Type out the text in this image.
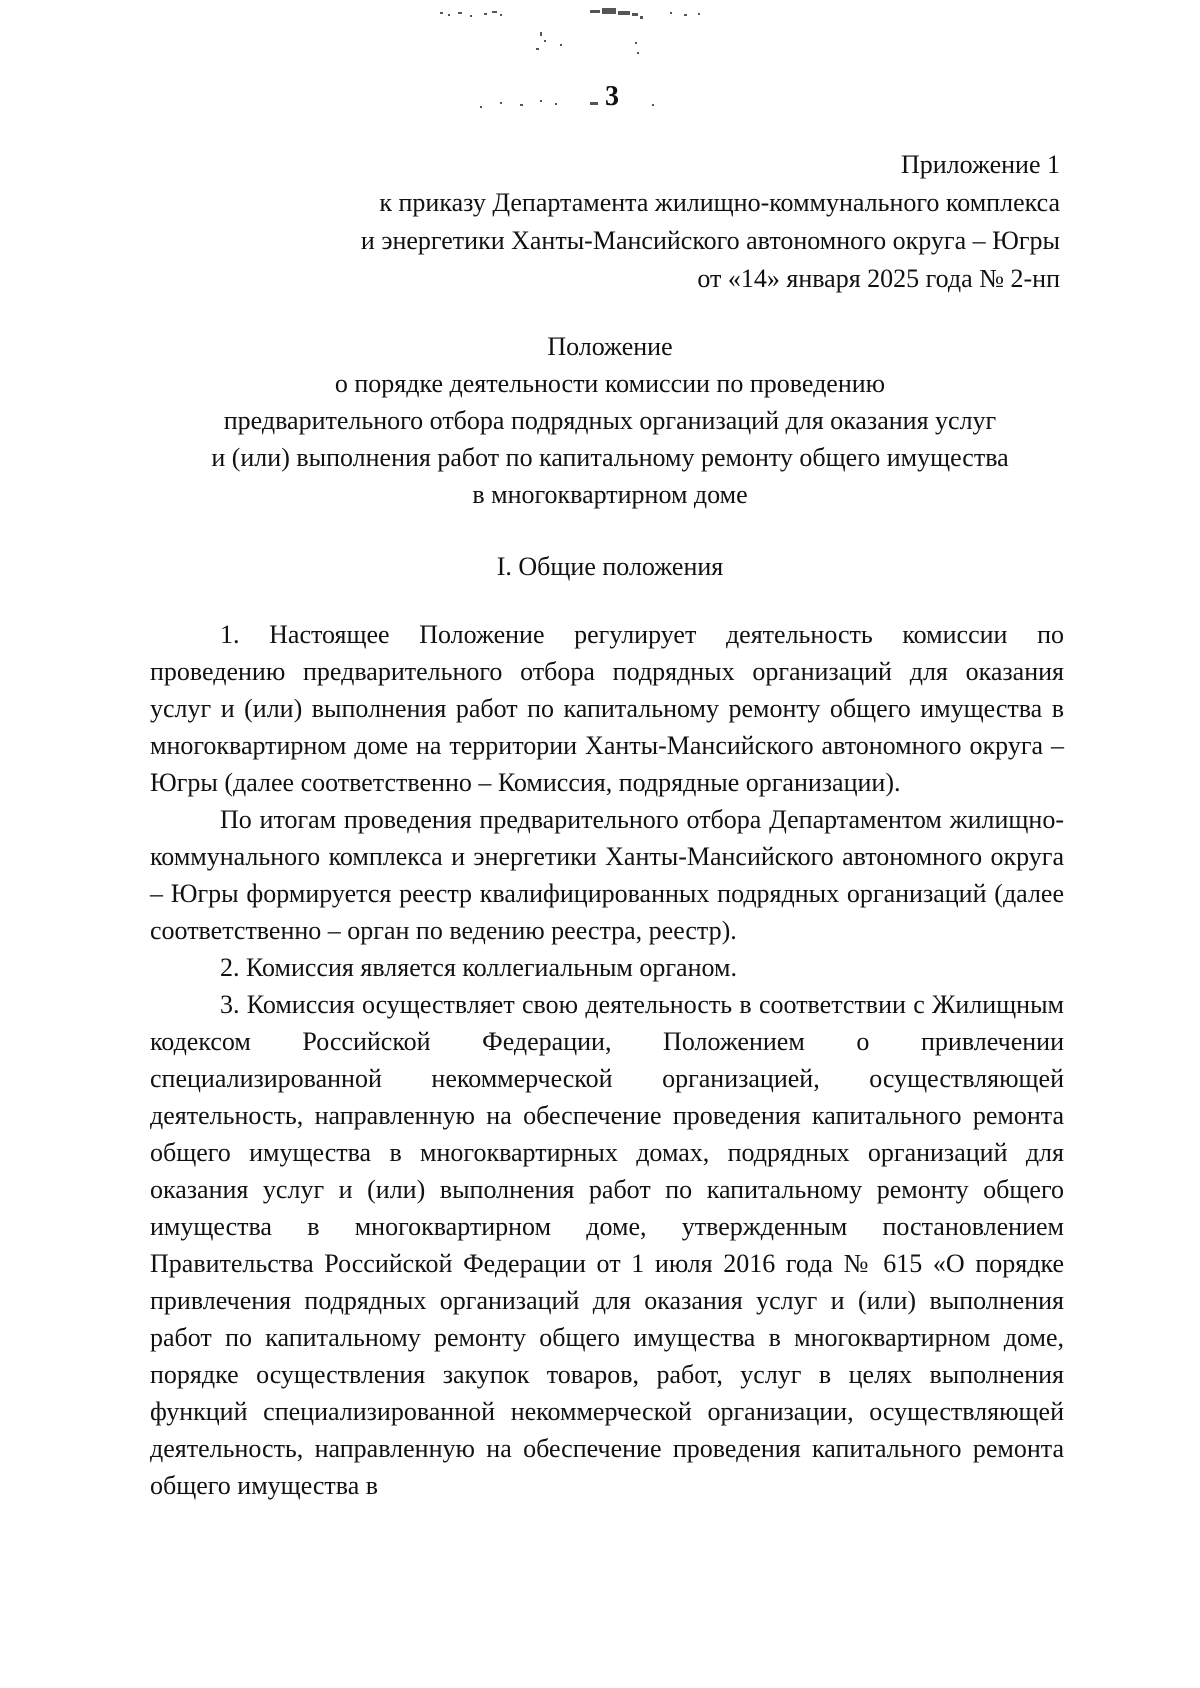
3
Приложение 1
к приказу Департамента жилищно-коммунального комплекса
и энергетики Ханты-Мансийского автономного округа – Югры
от «14» января 2025 года № 2-нп
Положение
о порядке деятельности комиссии по проведению
предварительного отбора подрядных организаций для оказания услуг
и (или) выполнения работ по капитальному ремонту общего имущества
в многоквартирном доме
I. Общие положения

1. Настоящее Положение регулирует деятельность комиссии по проведению предварительного отбора подрядных организаций для оказания услуг и (или) выполнения работ по капитальному ремонту общего имущества в многоквартирном доме на территории Ханты-Мансийского автономного округа – Югры (далее соответственно – Комиссия, подрядные организации).

По итогам проведения предварительного отбора Департаментом жилищно-коммунального комплекса и энергетики Ханты-Мансийского автономного округа – Югры формируется реестр квалифицированных подрядных организаций (далее соответственно – орган по ведению реестра, реестр).

2. Комиссия является коллегиальным органом.

3. Комиссия осуществляет свою деятельность в соответствии с Жилищным кодексом Российской Федерации, Положением о привлечении специализированной некоммерческой организацией, осуществляющей деятельность, направленную на обеспечение проведения капитального ремонта общего имущества в многоквартирных домах, подрядных организаций для оказания услуг и (или) выполнения работ по капитальному ремонту общего имущества в многоквартирном доме, утвержденным постановлением Правительства Российской Федерации от 1 июля 2016 года № 615 «О порядке привлечения подрядных организаций для оказания услуг и (или) выполнения работ по капитальному ремонту общего имущества в многоквартирном доме, порядке осуществления закупок товаров, работ, услуг в целях выполнения функций специализированной некоммерческой организации, осуществляющей деятельность, направленную на обеспечение проведения капитального ремонта общего имущества в
